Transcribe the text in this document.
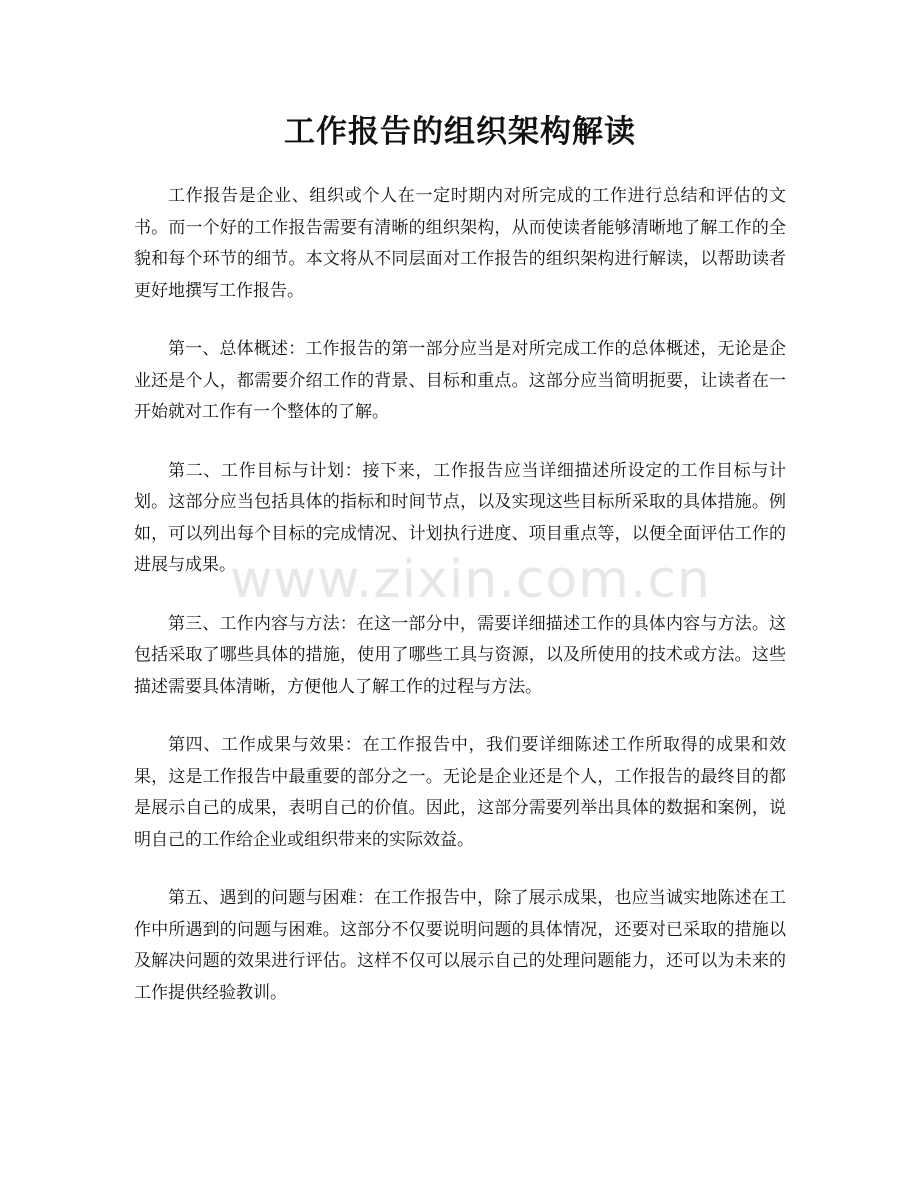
工作报告的组织架构解读

工作报告是企业、组织或个人在一定时期内对所完成的工作进行总结和评估的文书。而一个好的工作报告需要有清晰的组织架构，从而使读者能够清晰地了解工作的全貌和每个环节的细节。本文将从不同层面对工作报告的组织架构进行解读，以帮助读者更好地撰写工作报告。

第一、总体概述：工作报告的第一部分应当是对所完成工作的总体概述，无论是企业还是个人，都需要介绍工作的背景、目标和重点。这部分应当简明扼要，让读者在一开始就对工作有一个整体的了解。

第二、工作目标与计划：接下来，工作报告应当详细描述所设定的工作目标与计划。这部分应当包括具体的指标和时间节点，以及实现这些目标所采取的具体措施。例如，可以列出每个目标的完成情况、计划执行进度、项目重点等，以便全面评估工作的进展与成果。

第三、工作内容与方法：在这一部分中，需要详细描述工作的具体内容与方法。这包括采取了哪些具体的措施，使用了哪些工具与资源，以及所使用的技术或方法。这些描述需要具体清晰，方便他人了解工作的过程与方法。

第四、工作成果与效果：在工作报告中，我们要详细陈述工作所取得的成果和效果，这是工作报告中最重要的部分之一。无论是企业还是个人，工作报告的最终目的都是展示自己的成果，表明自己的价值。因此，这部分需要列举出具体的数据和案例，说明自己的工作给企业或组织带来的实际效益。

第五、遇到的问题与困难：在工作报告中，除了展示成果，也应当诚实地陈述在工作中所遇到的问题与困难。这部分不仅要说明问题的具体情况，还要对已采取的措施以及解决问题的效果进行评估。这样不仅可以展示自己的处理问题能力，还可以为未来的工作提供经验教训。

www.zixin.com.cn
